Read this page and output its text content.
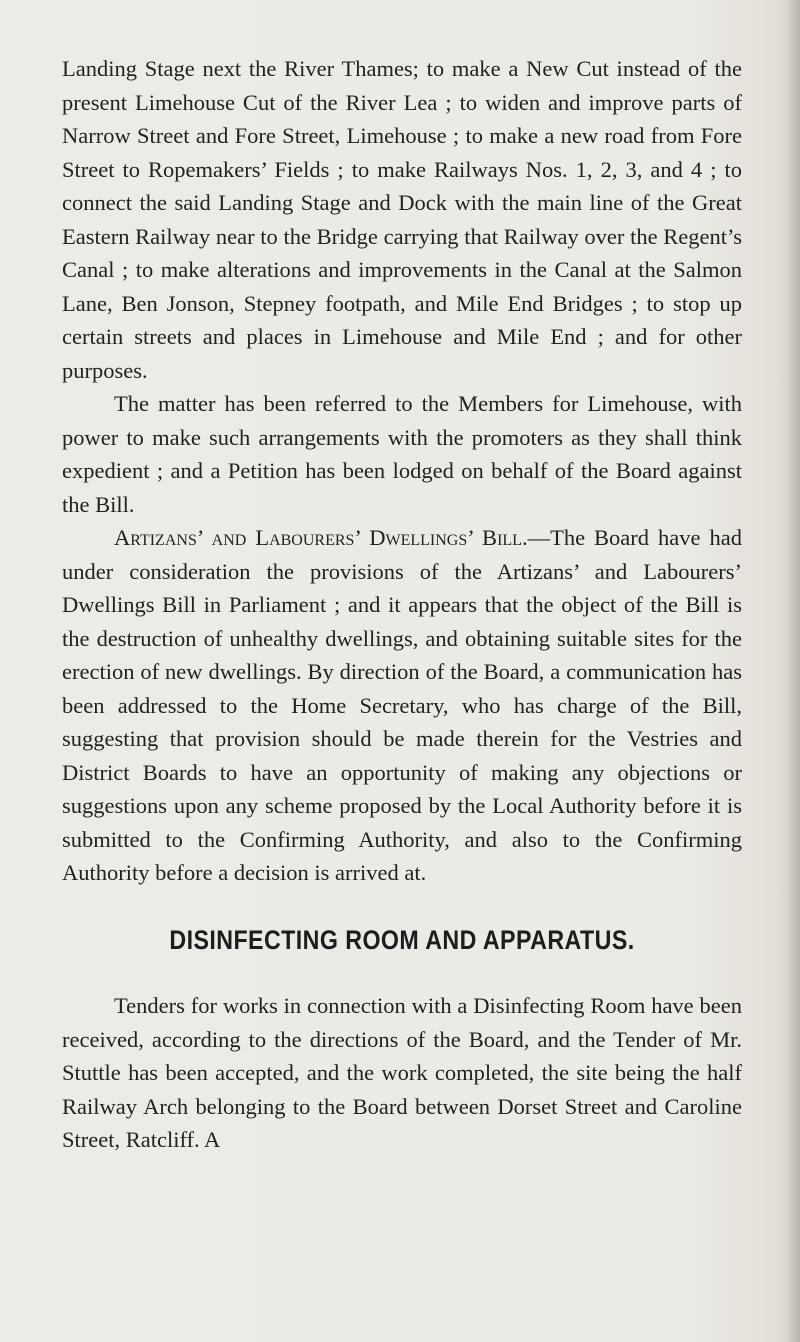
Landing Stage next the River Thames; to make a New Cut instead of the present Limehouse Cut of the River Lea ; to widen and improve parts of Narrow Street and Fore Street, Limehouse ; to make a new road from Fore Street to Ropemakers’ Fields ; to make Railways Nos. 1, 2, 3, and 4 ; to connect the said Landing Stage and Dock with the main line of the Great Eastern Railway near to the Bridge carrying that Railway over the Regent’s Canal ; to make alterations and improvements in the Canal at the Salmon Lane, Ben Jonson, Stepney footpath, and Mile End Bridges ; to stop up certain streets and places in Limehouse and Mile End ; and for other purposes.

The matter has been referred to the Members for Limehouse, with power to make such arrangements with the promoters as they shall think expedient ; and a Petition has been lodged on behalf of the Board against the Bill.

Artizans’ and Labourers’ Dwellings’ Bill.—The Board have had under consideration the provisions of the Artizans’ and Labourers’ Dwellings Bill in Parliament ; and it appears that the object of the Bill is the destruction of unhealthy dwellings, and obtaining suitable sites for the erection of new dwellings. By direction of the Board, a communication has been addressed to the Home Secretary, who has charge of the Bill, suggesting that provision should be made therein for the Vestries and District Boards to have an opportunity of making any objections or suggestions upon any scheme proposed by the Local Authority before it is submitted to the Confirming Authority, and also to the Confirming Authority before a decision is arrived at.

DISINFECTING ROOM AND APPARATUS.

Tenders for works in connection with a Disinfecting Room have been received, according to the directions of the Board, and the Tender of Mr. Stuttle has been accepted, and the work completed, the site being the half Railway Arch belonging to the Board between Dorset Street and Caroline Street, Ratcliff. A
